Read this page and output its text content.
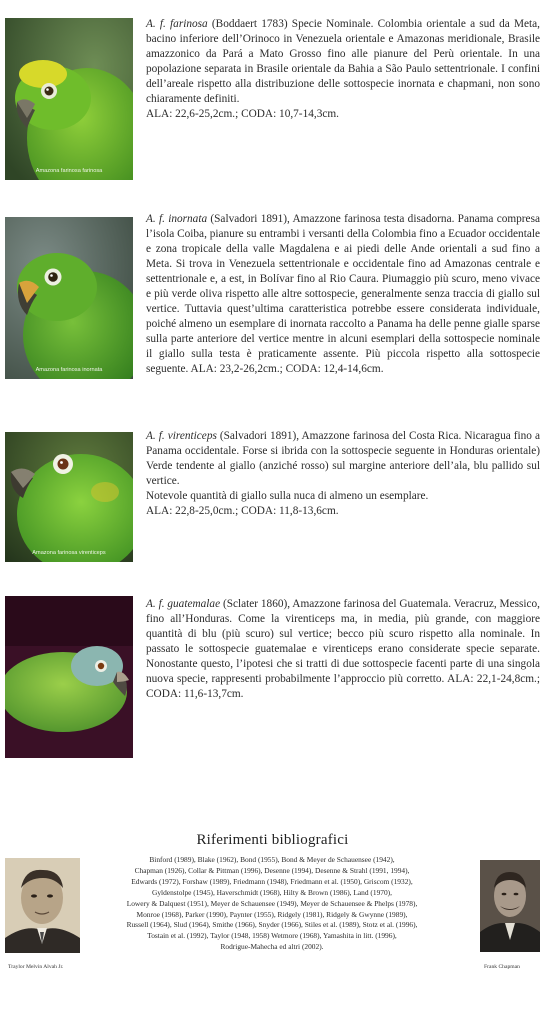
Amazona farinosa farinosa
A. f. farinosa (Boddaert 1783) Specie Nominale. Colombia orientale a sud da Meta, bacino inferiore dell’Orinoco in Venezuela orientale e Amazonas meridionale, Brasile amazzonico da Pará a Mato Grosso fino alle pianure del Perù orientale. In una popolazione separata in Brasile orientale da Bahia a São Paulo settentrionale. I confini dell’areale rispetto alla distribuzione delle sottospecie inornata e chapmani, non sono chiaramente definiti.
ALA: 22,6-25,2cm.; CODA: 10,7-14,3cm.
Amazona farinosa inornata
A. f. inornata (Salvadori 1891), Amazzone farinosa testa disadorna. Panama compresa l’isola Coiba, pianure su entrambi i versanti della Colombia fino a Ecuador occidentale e zona tropicale della valle Magdalena e ai piedi delle Ande orientali a sud fino a Meta. Si trova in Venezuela settentrionale e occidentale fino ad Amazonas centrale e settentrionale e, a est, in Bolívar fino al Rio Caura. Piumaggio più scuro, meno vivace e più verde oliva rispetto alle altre sottospecie, generalmente senza traccia di giallo sul vertice. Tuttavia quest’ultima caratteristica potrebbe essere considerata individuale, poiché almeno un esemplare di inornata raccolto a Panama ha delle penne gialle sparse sulla parte anteriore del vertice mentre in alcuni esemplari della sottospecie nominale il giallo sulla testa è praticamente assente. Più piccola rispetto alla sottospecie seguente. ALA: 23,2-26,2cm.; CODA: 12,4-14,6cm.
Amazona farinosa virenticeps
A. f. virenticeps (Salvadori 1891), Amazzone farinosa del Costa Rica. Nicaragua fino a Panama occidentale. Forse si ibrida con la sottospecie seguente in Honduras orientale) Verde tendente al giallo (anziché rosso) sul margine anteriore dell’ala, blu pallido sul vertice.
Notevole quantità di giallo sulla nuca di almeno un esemplare.
ALA: 22,8-25,0cm.; CODA: 11,8-13,6cm.
A. f. guatemalae (Sclater 1860), Amazzone farinosa del Guatemala. Veracruz, Messico, fino all’Honduras. Come la virenticeps ma, in media, più grande, con maggiore quantità di blu (più scuro) sul vertice; becco più scuro rispetto alla nominale. In passato le sottospecie guatemalae e virenticeps erano considerate specie separate. Nonostante questo, l’ipotesi che si tratti di due sottospecie facenti parte di una singola nuova specie, rappresenti probabilmente l’approccio più corretto. ALA: 22,1-24,8cm.; CODA: 11,6-13,7cm.
Riferimenti bibliografici
Binford (1989), Blake (1962), Bond (1955), Bond & Meyer de Schauensee (1942),
Chapman (1926), Collar & Pittman (1996), Desenne (1994), Desenne & Strahl (1991, 1994),
Edwards (1972), Forshaw (1989), Friedmann (1948), Friedmann et al. (1950), Griscom (1932),
Gyldenstolpe (1945), Haverschmidt (1968), Hilty & Brown (1986), Land (1970),
Lowery & Dalquest (1951), Meyer de Schauensee (1949), Meyer de Schauensee & Phelps (1978),
Monroe (1968), Parker (1990), Paynter (1955), Ridgely (1981), Ridgely & Gwynne (1989),
Russell (1964), Slud (1964), Smithe (1966), Snyder (1966), Stiles et al. (1989), Stotz et al. (1996),
Tostain et al. (1992), Taylor (1948, 1958) Wetmore (1968), Yamashita in litt. (1996),
Rodrigue-Mahecha ed altri (2002).
Traylor Melvin Alvah Jr.	Frank Chapman
